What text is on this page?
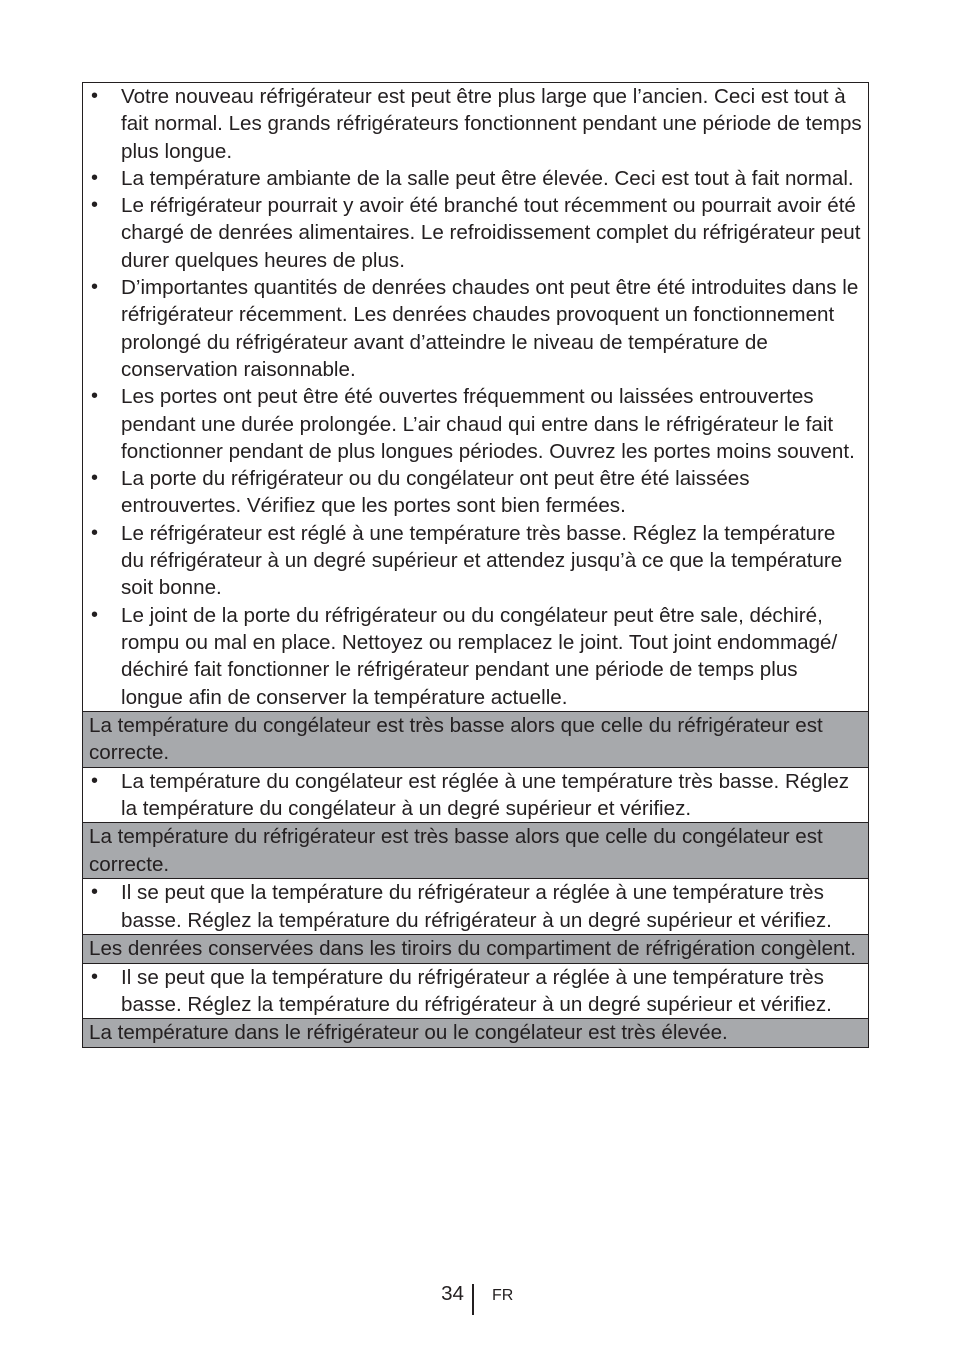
•	Votre nouveau réfrigérateur est peut être plus large que l’ancien. Ceci est tout à fait normal. Les grands réfrigérateurs fonctionnent pendant une période de temps plus longue.
•	La température ambiante de la salle peut être élevée. Ceci est tout à fait normal.
•	Le réfrigérateur pourrait y avoir été branché tout récemment ou pourrait avoir été chargé de denrées alimentaires. Le refroidissement complet du réfrigérateur peut durer quelques heures de plus.
•	D’importantes quantités de denrées chaudes ont peut être été introduites dans le réfrigérateur récemment. Les denrées chaudes provoquent un fonctionnement prolongé du réfrigérateur avant d’atteindre le niveau de température de conservation raisonnable.
•	Les portes ont peut être été ouvertes fréquemment ou laissées entrouvertes pendant une durée prolongée. L’air chaud qui entre dans le réfrigérateur le fait fonctionner pendant de plus longues périodes. Ouvrez les portes moins souvent.
•	La porte du réfrigérateur ou du congélateur ont peut être été laissées entrouvertes. Vérifiez que les portes sont bien fermées.
•	Le réfrigérateur est réglé à une température très basse. Réglez la température du réfrigérateur à un degré supérieur et attendez jusqu’à ce que la température soit bonne.
•	Le joint de la porte du réfrigérateur ou du congélateur peut être sale, déchiré, rompu ou mal en place. Nettoyez ou remplacez le joint. Tout joint endommagé/ déchiré fait fonctionner le réfrigérateur pendant une période de temps plus longue afin de conserver la température actuelle.
La température du congélateur est très basse alors que celle du réfrigérateur est correcte.
•	La température du congélateur est réglée à une température très basse. Réglez la température du congélateur à un degré supérieur et vérifiez.
La température du réfrigérateur est très basse alors que celle du congélateur est correcte.
•	Il se peut que la température du réfrigérateur a réglée à une température très basse. Réglez la température du réfrigérateur à un degré supérieur et vérifiez.
Les denrées conservées dans les tiroirs du compartiment de réfrigération congèlent.
•	Il se peut que la température du réfrigérateur a réglée à une température très basse. Réglez la température du réfrigérateur à un degré supérieur et vérifiez.
La température dans le réfrigérateur ou le congélateur est très élevée.
34 FR
